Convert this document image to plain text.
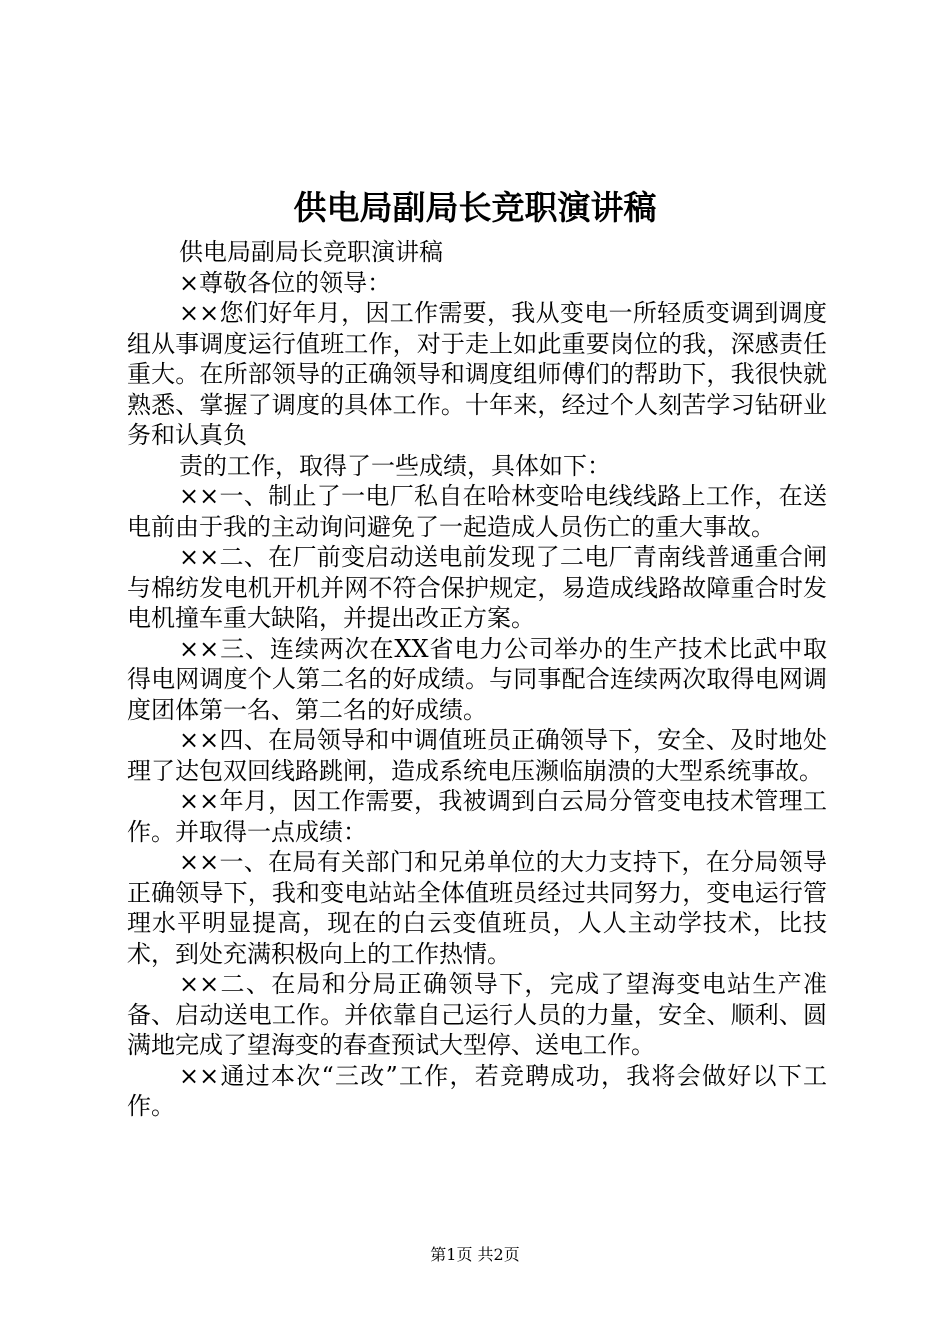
供电局副局长竞职演讲稿

供电局副局长竞职演讲稿

×尊敬各位的领导：

××您们好年月，因工作需要，我从变电一所轻质变调到调度组从事调度运行值班工作，对于走上如此重要岗位的我，深感责任重大。在所部领导的正确领导和调度组师傅们的帮助下，我很快就熟悉、掌握了调度的具体工作。十年来，经过个人刻苦学习钻研业务和认真负

责的工作，取得了一些成绩，具体如下：

××一、制止了一电厂私自在哈林变哈电线线路上工作，在送电前由于我的主动询问避免了一起造成人员伤亡的重大事故。

××二、在厂前变启动送电前发现了二电厂青南线普通重合闸与棉纺发电机开机并网不符合保护规定，易造成线路故障重合时发电机撞车重大缺陷，并提出改正方案。

××三、连续两次在XX省电力公司举办的生产技术比武中取得电网调度个人第二名的好成绩。与同事配合连续两次取得电网调度团体第一名、第二名的好成绩。

××四、在局领导和中调值班员正确领导下，安全、及时地处理了达包双回线路跳闸，造成系统电压濒临崩溃的大型系统事故。

××年月，因工作需要，我被调到白云局分管变电技术管理工作。并取得一点成绩：

××一、在局有关部门和兄弟单位的大力支持下，在分局领导正确领导下，我和变电站站全体值班员经过共同努力，变电运行管理水平明显提高，现在的白云变值班员，人人主动学技术，比技术，到处充满积极向上的工作热情。

××二、在局和分局正确领导下，完成了望海变电站生产准备、启动送电工作。并依靠自己运行人员的力量，安全、顺利、圆满地完成了望海变的春查预试大型停、送电工作。

××通过本次“三改”工作，若竞聘成功，我将会做好以下工作。

第1页 共2页
